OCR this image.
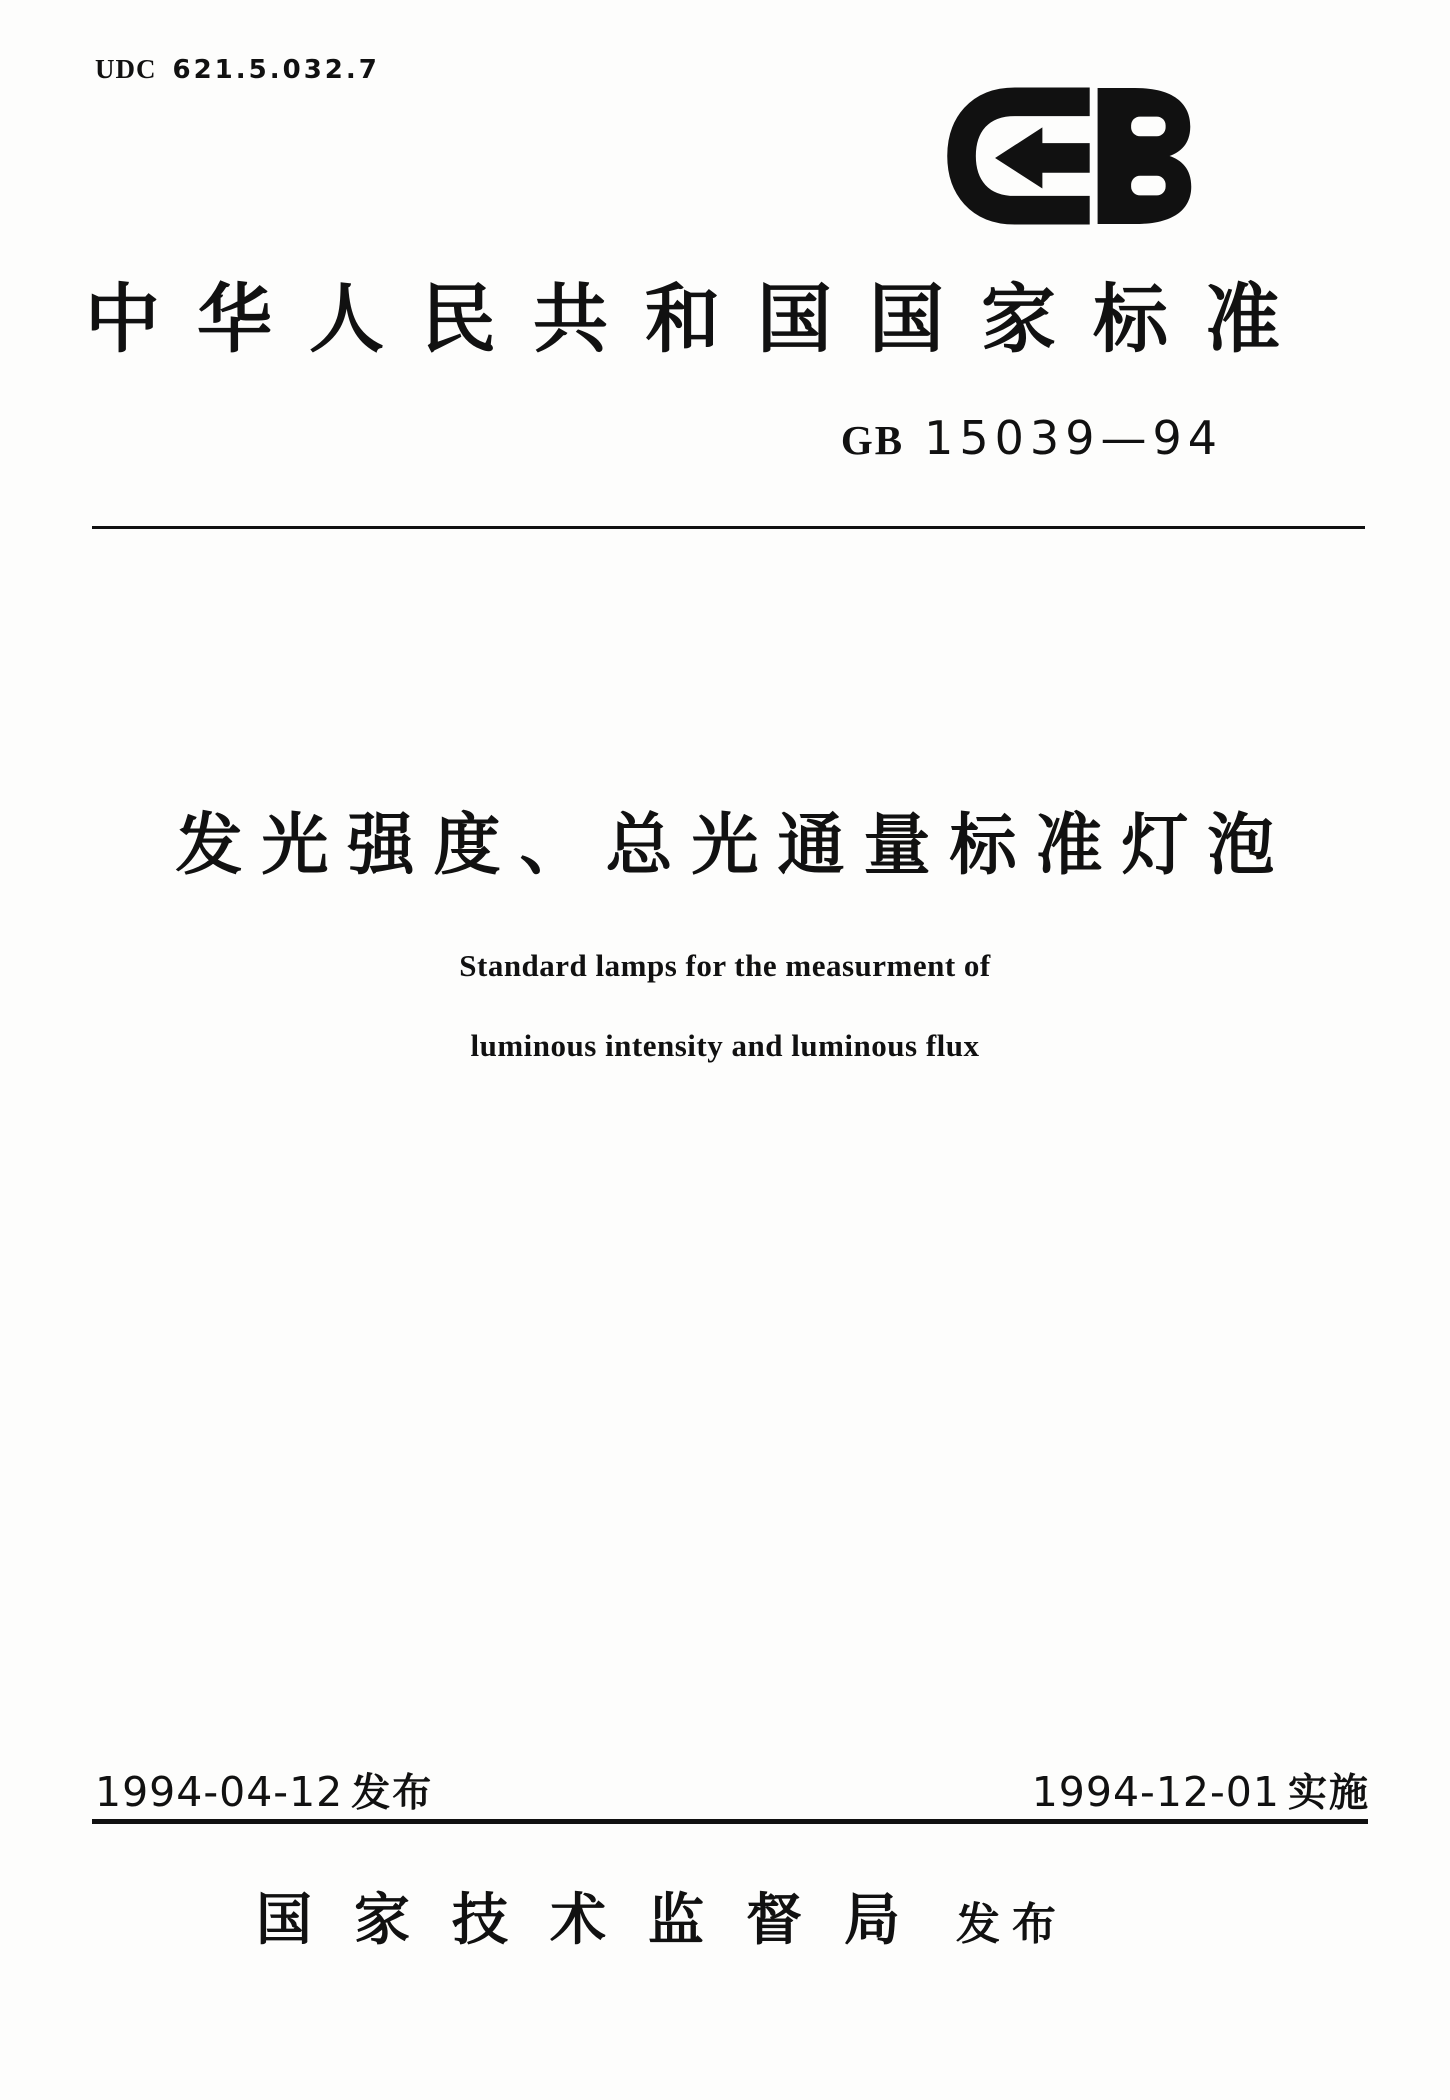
UDC 621.5.032.7
中华人民共和国国家标准
GB 15039—94
发光强度、总光通量标准灯泡

Standard lamps for the measurment of

luminous intensity and luminous flux

1994-04-12 发布	1994-12-01 实施
国家技术监督局 发布
